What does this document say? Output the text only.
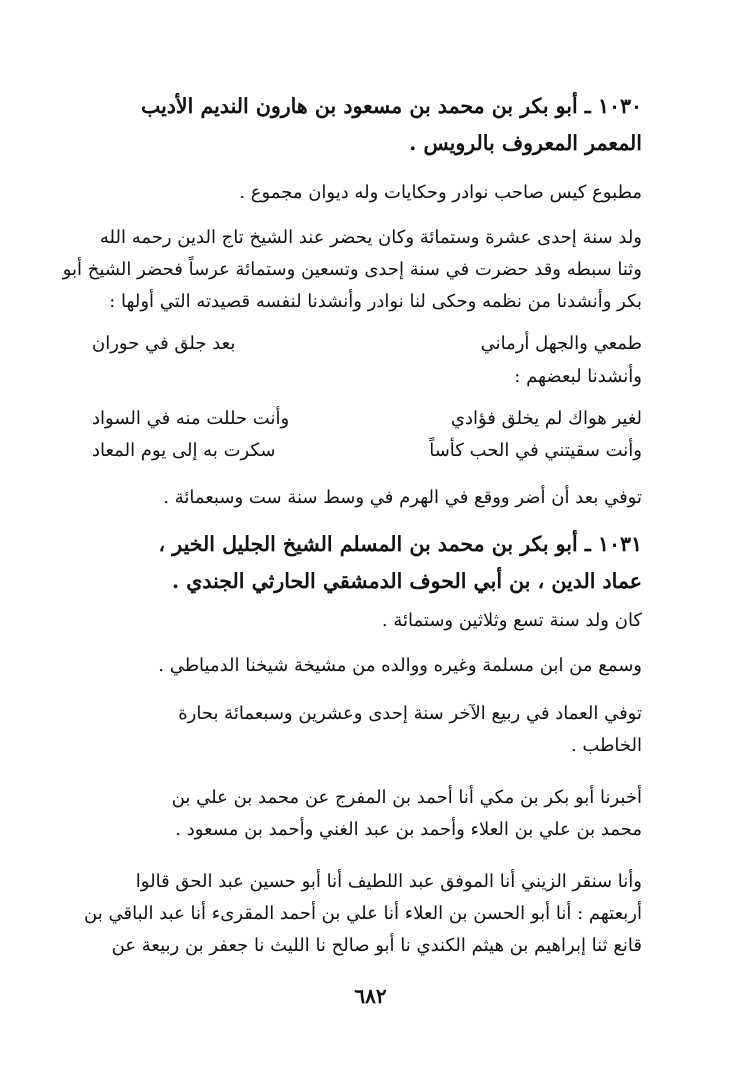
١٠٣٠ ـ أبو بكر بن محمد بن مسعود بن هارون النديم الأديب
المعمر المعروف بالرويس .
مطبوع كيس صاحب نوادر وحكايات وله ديوان مجموع .
ولد سنة إحدى عشرة وستمائة وكان يحضر عند الشيخ تاج الدين رحمه الله
وثنا سبطه وقد حضرت في سنة إحدى وتسعين وستمائة عرساً فحضر الشيخ أبو
بكر وأنشدنا من نظمه وحكى لنا نوادر وأنشدنا لنفسه قصيدته التي أولها :
طمعي والجهل أرماني
بعد جلق في حوران
وأنشدنا لبعضهم :
لغير هواك لم يخلق فؤادي
وأنت حللت منه في السواد
وأنت سقيتني في الحب كأساً
سكرت به إلى يوم المعاد
توفي بعد أن أضر ووقع في الهرم في وسط سنة ست وسبعمائة .
١٠٣١ ـ أبو بكر بن محمد بن المسلم الشيخ الجليل الخير ،
عماد الدين ، بن أبي الحوف الدمشقي الحارثي الجندي .
كان ولد سنة تسع وثلاثين وستمائة .
وسمع من ابن مسلمة وغيره ووالده من مشيخة شيخنا الدمياطي .
توفي العماد في ربيع الآخر سنة إحدى وعشرين وسبعمائة بحارة
الخاطب .
أخبرنا أبو بكر بن مكي أنا أحمد بن المفرج عن محمد بن علي بن
محمد بن علي بن العلاء وأحمد بن عبد الغني وأحمد بن مسعود .
وأنا سنقر الزيني أنا الموفق عبد اللطيف أنا أبو حسين عبد الحق قالوا
أربعتهم : أنا أبو الحسن بن العلاء أنا علي بن أحمد المقرىء أنا عبد الباقي بن
قانع ثنا إبراهيم بن هيثم الكندي نا أبو صالح نا الليث نا جعفر بن ربيعة عن
٦٨٢
